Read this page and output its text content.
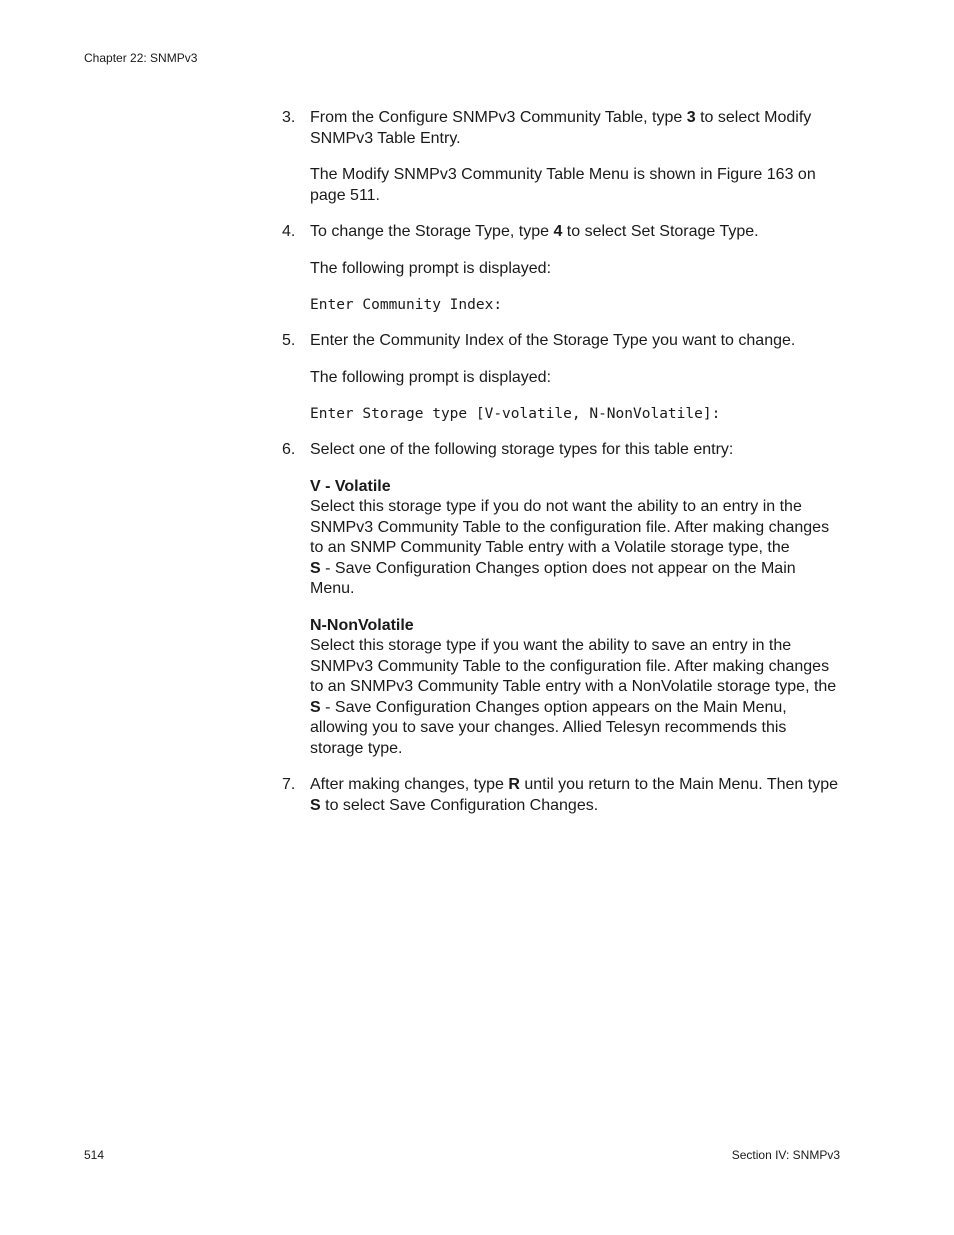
Chapter 22: SNMPv3
3. From the Configure SNMPv3 Community Table, type 3 to select Modify SNMPv3 Table Entry.

The Modify SNMPv3 Community Table Menu is shown in Figure 163 on page 511.

4. To change the Storage Type, type 4 to select Set Storage Type.

The following prompt is displayed:

Enter Community Index:

5. Enter the Community Index of the Storage Type you want to change.

The following prompt is displayed:

Enter Storage type [V-volatile, N-NonVolatile]:

6. Select one of the following storage types for this table entry:

V - Volatile

Select this storage type if you do not want the ability to an entry in the SNMPv3 Community Table to the configuration file. After making changes to an SNMP Community Table entry with a Volatile storage type, the
S - Save Configuration Changes option does not appear on the Main Menu.

N-NonVolatile

Select this storage type if you want the ability to save an entry in the SNMPv3 Community Table to the configuration file. After making changes to an SNMPv3 Community Table entry with a NonVolatile storage type, the S - Save Configuration Changes option appears on the Main Menu, allowing you to save your changes. Allied Telesyn recommends this storage type.

7. After making changes, type R until you return to the Main Menu. Then type S to select Save Configuration Changes.

514	Section IV: SNMPv3
